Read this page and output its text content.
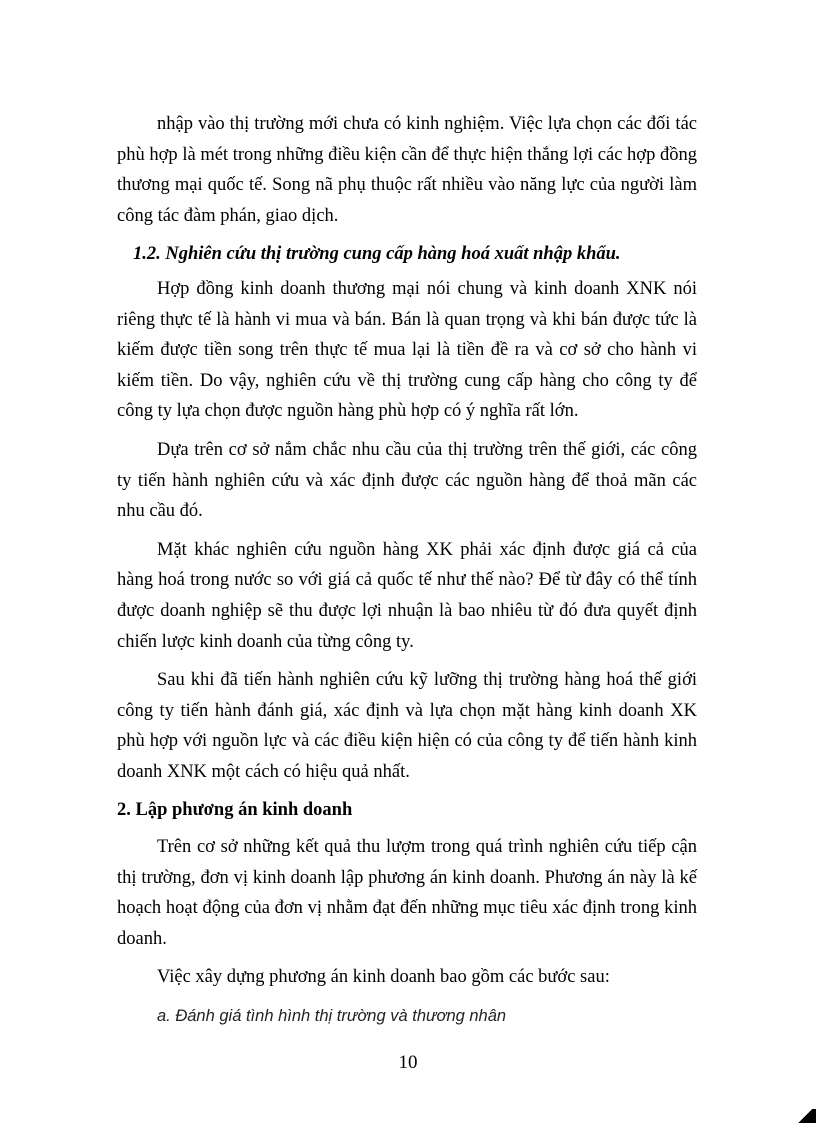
nhập vào thị trường mới chưa có kinh nghiệm. Việc lựa chọn các đối tác phù hợp là mét trong những điều kiện cần để thực hiện thắng lợi các hợp đồng thương mại quốc tế. Song nã phụ thuộc rất nhiều vào năng lực của người làm công tác đàm phán, giao dịch.

1.2. Nghiên cứu thị trường cung cấp hàng hoá xuất nhập khẩu.

Hợp đồng kinh doanh thương mại nói chung và kinh doanh XNK nói riêng thực tế là hành vi mua và bán. Bán là quan trọng và khi bán được tức là kiếm được tiền song trên thực tế mua lại là tiền đề ra và cơ sở cho hành vi kiếm tiền. Do vậy, nghiên cứu về thị trường cung cấp hàng cho công ty để công ty lựa chọn được nguồn hàng phù hợp có ý nghĩa rất lớn.

Dựa trên cơ sở nắm chắc nhu cầu của thị trường trên thế giới, các công ty tiến hành nghiên cứu và xác định được các nguồn hàng để thoả mãn các nhu cầu đó.

Mặt khác nghiên cứu nguồn hàng XK phải xác định được giá cả của hàng hoá trong nước so với giá cả quốc tế như thế nào? Để từ đây có thể tính được doanh nghiệp sẽ thu được lợi nhuận là bao nhiêu từ đó đưa quyết định chiến lược kinh doanh của từng công ty.

Sau khi đã tiến hành nghiên cứu kỹ lưỡng thị trường hàng hoá thế giới công ty tiến hành đánh giá, xác định và lựa chọn mặt hàng kinh doanh XK phù hợp với nguồn lực và các điều kiện hiện có của công ty để tiến hành kinh doanh XNK một cách có hiệu quả nhất.

2. Lập phương án kinh doanh

Trên cơ sở những kết quả thu lượm trong quá trình nghiên cứu tiếp cận thị trường, đơn vị kinh doanh lập phương án kinh doanh. Phương án này là kế hoạch hoạt động của đơn vị nhằm đạt đến những mục tiêu xác định trong kinh doanh.

Việc xây dựng phương án kinh doanh bao gồm các bước sau:

a. Đánh giá tình hình thị trường và thương nhân

10
